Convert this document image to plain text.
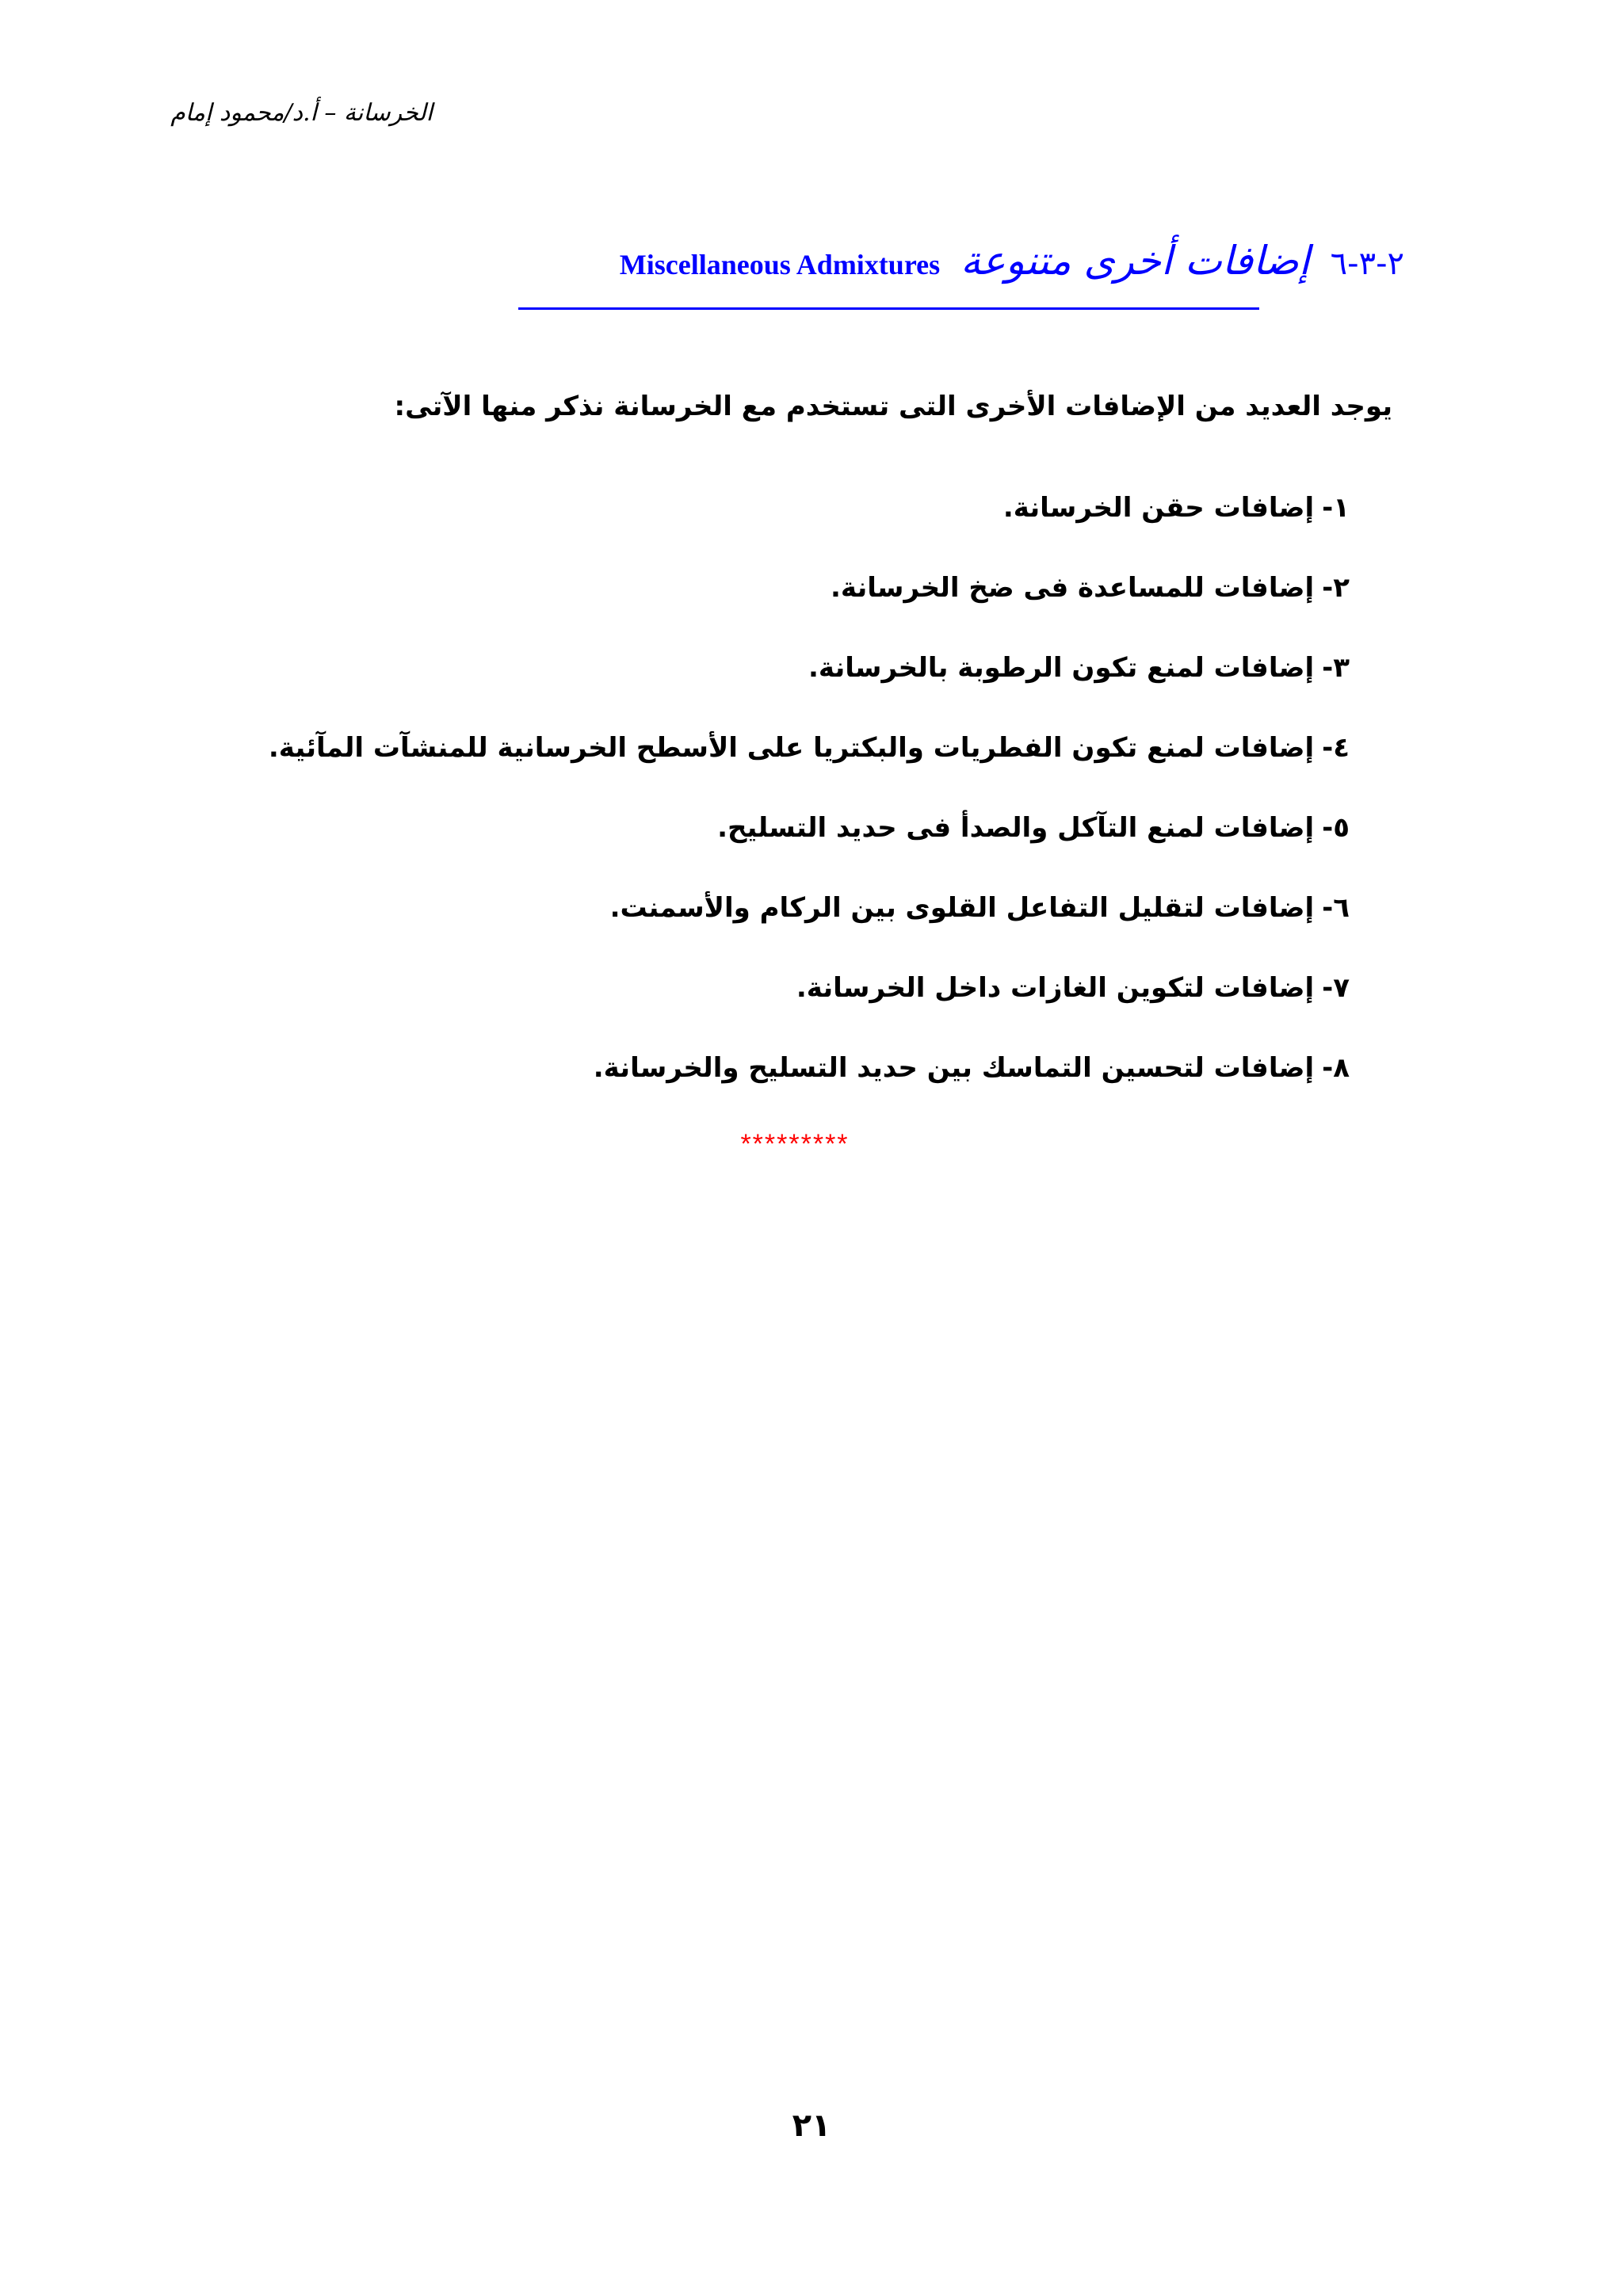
الخرسانة – أ.د/محمود إمام
٢-٣-٦
إضافات أخرى متنوعة
Miscellaneous Admixtures
يوجد العديد من الإضافات الأخرى التى تستخدم مع الخرسانة نذكر منها الآتى:
١-
إضافات حقن الخرسانة.
٢-
إضافات للمساعدة فى ضخ الخرسانة.
٣-
إضافات لمنع تكون الرطوبة بالخرسانة.
٤-
إضافات لمنع تكون الفطريات والبكتريا على الأسطح الخرسانية للمنشآت المآئية.
٥-
إضافات لمنع التآكل والصدأ فى حديد التسليح.
٦-
إضافات لتقليل التفاعل القلوى بين الركام والأسمنت.
٧-
إضافات لتكوين الغازات داخل الخرسانة.
٨-
إضافات لتحسين التماسك بين حديد التسليح والخرسانة.
*********
٢١
